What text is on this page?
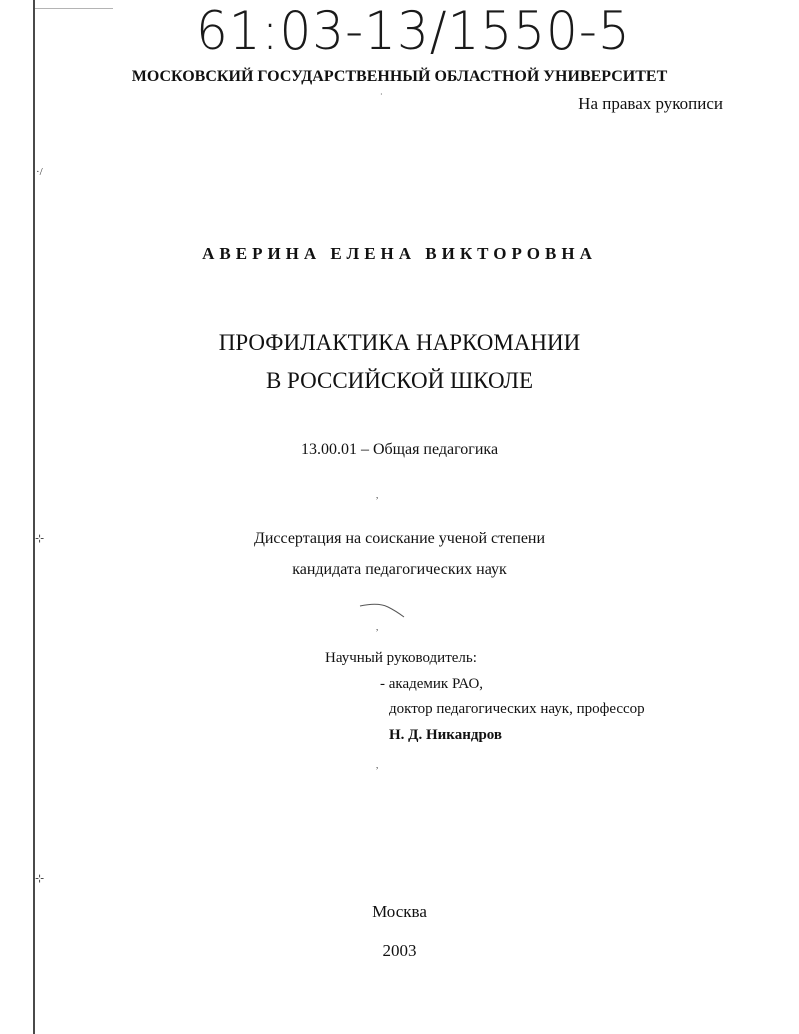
·/
⊹
⊹
·
,
,
,
61:03-13/1550-5
МОСКОВСКИЙ ГОСУДАРСТВЕННЫЙ ОБЛАСТНОЙ УНИВЕРСИТЕТ
На правах рукописи
АВЕРИНА ЕЛЕНА ВИКТОРОВНА
ПРОФИЛАКТИКА НАРКОМАНИИ
В РОССИЙСКОЙ ШКОЛЕ
13.00.01 – Общая педагогика
Диссертация на соискание ученой степени
кандидата педагогических наук
Научный руководитель:
- академик РАО,
доктор педагогических наук, профессор
Н. Д. Никандров
Москва
2003
